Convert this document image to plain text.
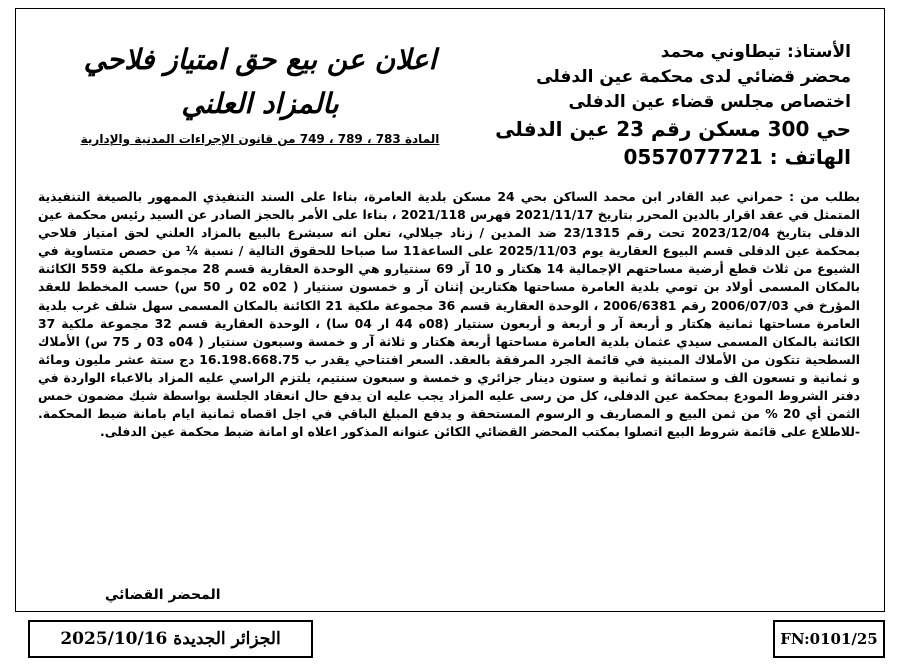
الأستاذ: تيطاوني محمد
محضر قضائي لدى محكمة عين الدفلى
اختصاص مجلس قضاء عين الدفلى
حي 300 مسكن رقم 23 عين الدفلى
الهاتف : 0557077721
اعلان عن بيع حق امتياز فلاحي
بالمزاد العلني
المادة 783 ، 789 ، 749 من قانون الإجراءات المدنية والإدارية
بطلب من : حمراني عبد القادر ابن محمد الساكن بحي 24 مسكن بلدية العامرة، بناءا على السند التنفيذي الممهور بالصيغة التنفيذية المتمثل في عقد اقرار بالدين المحرر بتاريخ 2021/11/17 فهرس 2021/118 ، بناءا على الأمر بالحجز الصادر عن السيد رئيس محكمة عين الدفلى بتاريخ 2023/12/04 تحت رقم 23/1315 ضد المدين / زناد جيلالي، نعلن انه سيشرع بالبيع بالمزاد العلني لحق امتياز فلاحي بمحكمة عين الدفلى قسم البيوع العقارية يوم 2025/11/03 على الساعة11 سا صباحا للحقوق التالية / نسبة ¼ من حصص متساوية في الشيوع من ثلاث قطع أرضية مساحتهم الإجمالية 14 هكتار و 10 آر 69 سنتيارو هي الوحدة العقارية قسم 28 مجموعة ملكية 559 الكائنة بالمكان المسمى أولاد بن تومي بلدية العامرة مساحتها هكتارين إثنان آر و خمسون سنتيار ( 02ه 02 ر 50 س) حسب المخطط للعقد المؤرخ في 2006/07/03 رقم 2006/6381 ، الوحدة العقارية قسم 36 مجموعة ملكية 21 الكائنة بالمكان المسمى سهل شلف غرب بلدية العامرة مساحتها ثمانية هكتار و أربعة آر و أربعة و أربعون سنتيار (08ه 44 ار 04 سا) ، الوحدة العقارية قسم 32 مجموعة ملكية 37 الكائنة بالمكان المسمى سيدي عثمان بلدية العامرة مساحتها أربعة هكتار و ثلاثة آر و خمسة وسبعون سنتيار ( 04ه 03 ر 75 س) الأملاك السطحية تتكون من الأملاك المبنية في قائمة الجرد المرفقة بالعقد. السعر افتتاحي يقدر ب 16.198.668.75 دج ستة عشر مليون ومائة و ثمانية و تسعون الف و ستمائة و ثمانية و ستون دينار جزائري و خمسة و سبعون سنتيم، يلتزم الراسي عليه المزاد بالاعباء الواردة في دفتر الشروط المودع بمحكمة عين الدفلى، كل من رسى عليه المزاد يجب عليه ان يدفع حال انعقاد الجلسة بواسطة شيك مضمون خمس الثمن أي 20 % من ثمن البيع و المصاريف و الرسوم المستحقة و يدفع المبلغ الباقي في اجل اقصاه ثمانية ايام بامانة ضبط المحكمة. -للاطلاع على قائمة شروط البيع اتصلوا بمكتب المحضر القضائي الكائن عنوانه المذكور اعلاه او امانة ضبط محكمة عين الدفلى.
المحضر القضائي
الجزائر الجديدة 2025/10/16	FN:0101/25
